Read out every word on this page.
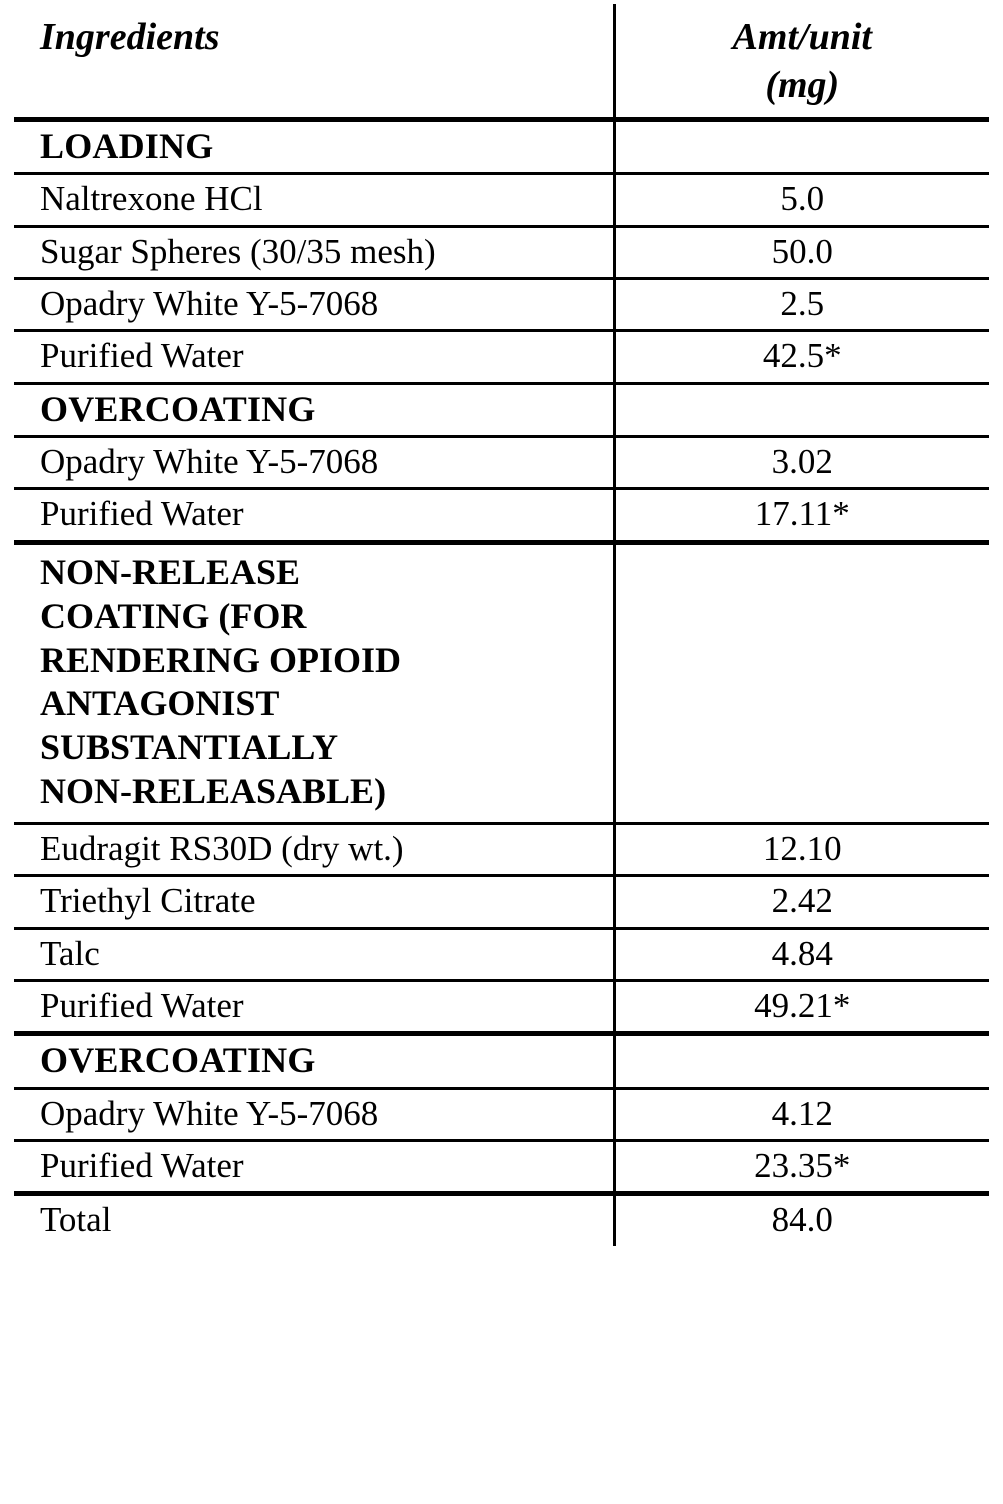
Ingredients	Amt/unit
(mg)

LOADING	
Naltrexone HCl	5.0
Sugar Spheres (30/35 mesh)	50.0
Opadry White Y-5-7068	2.5
Purified Water	42.5*
OVERCOATING	
Opadry White Y-5-7068	3.02
Purified Water	17.11*
NON-RELEASE
COATING (FOR
RENDERING OPIOID
ANTAGONIST
SUBSTANTIALLY
NON-RELEASABLE)	
Eudragit RS30D (dry wt.)	12.10
Triethyl Citrate	2.42
Talc	4.84
Purified Water	49.21*
OVERCOATING	
Opadry White Y-5-7068	4.12
Purified Water	23.35*
Total	84.0
